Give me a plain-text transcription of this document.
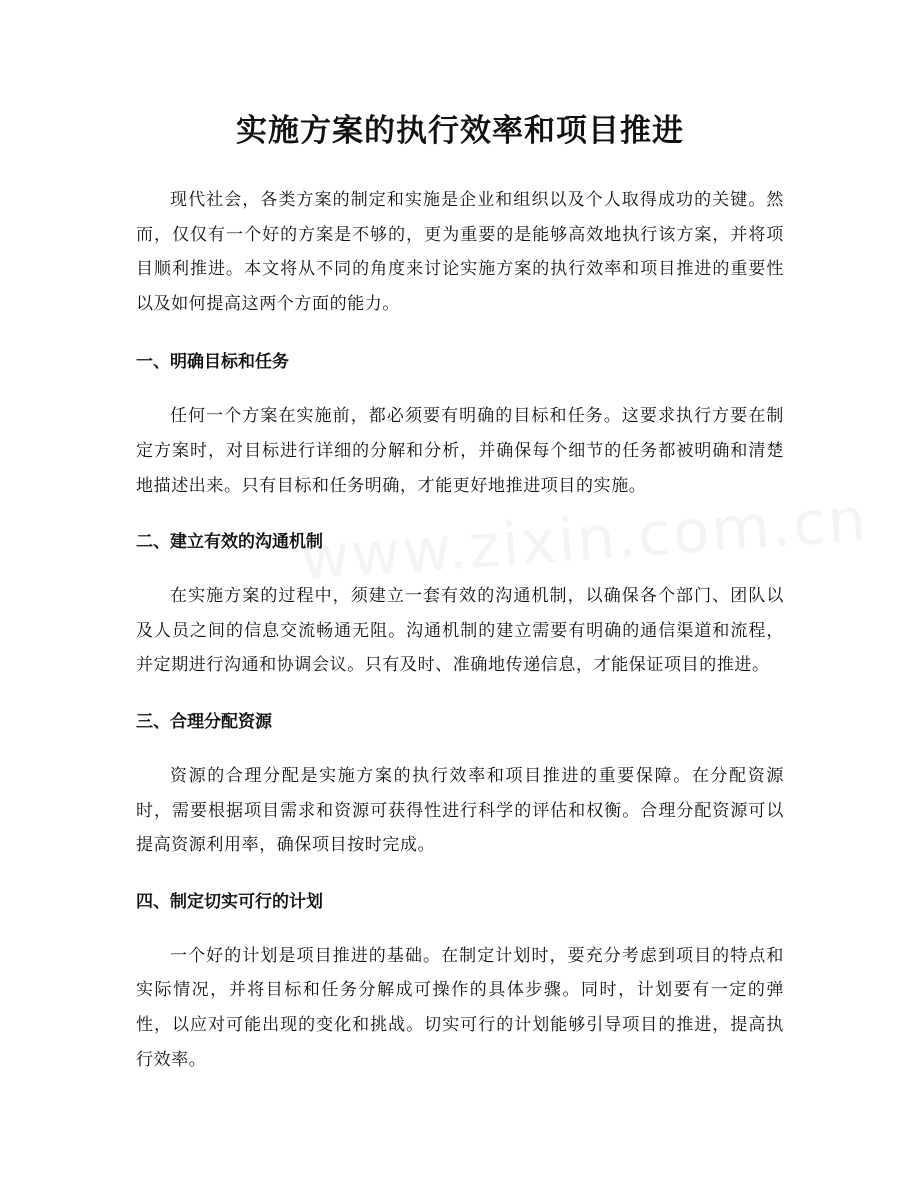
实施方案的执行效率和项目推进

现代社会，各类方案的制定和实施是企业和组织以及个人取得成功的关键。然而，仅仅有一个好的方案是不够的，更为重要的是能够高效地执行该方案，并将项目顺利推进。本文将从不同的角度来讨论实施方案的执行效率和项目推进的重要性以及如何提高这两个方面的能力。

一、明确目标和任务

任何一个方案在实施前，都必须要有明确的目标和任务。这要求执行方要在制定方案时，对目标进行详细的分解和分析，并确保每个细节的任务都被明确和清楚地描述出来。只有目标和任务明确，才能更好地推进项目的实施。

二、建立有效的沟通机制

在实施方案的过程中，须建立一套有效的沟通机制，以确保各个部门、团队以及人员之间的信息交流畅通无阻。沟通机制的建立需要有明确的通信渠道和流程，并定期进行沟通和协调会议。只有及时、准确地传递信息，才能保证项目的推进。

三、合理分配资源

资源的合理分配是实施方案的执行效率和项目推进的重要保障。在分配资源时，需要根据项目需求和资源可获得性进行科学的评估和权衡。合理分配资源可以提高资源利用率，确保项目按时完成。

四、制定切实可行的计划

一个好的计划是项目推进的基础。在制定计划时，要充分考虑到项目的特点和实际情况，并将目标和任务分解成可操作的具体步骤。同时，计划要有一定的弹性，以应对可能出现的变化和挑战。切实可行的计划能够引导项目的推进，提高执行效率。
